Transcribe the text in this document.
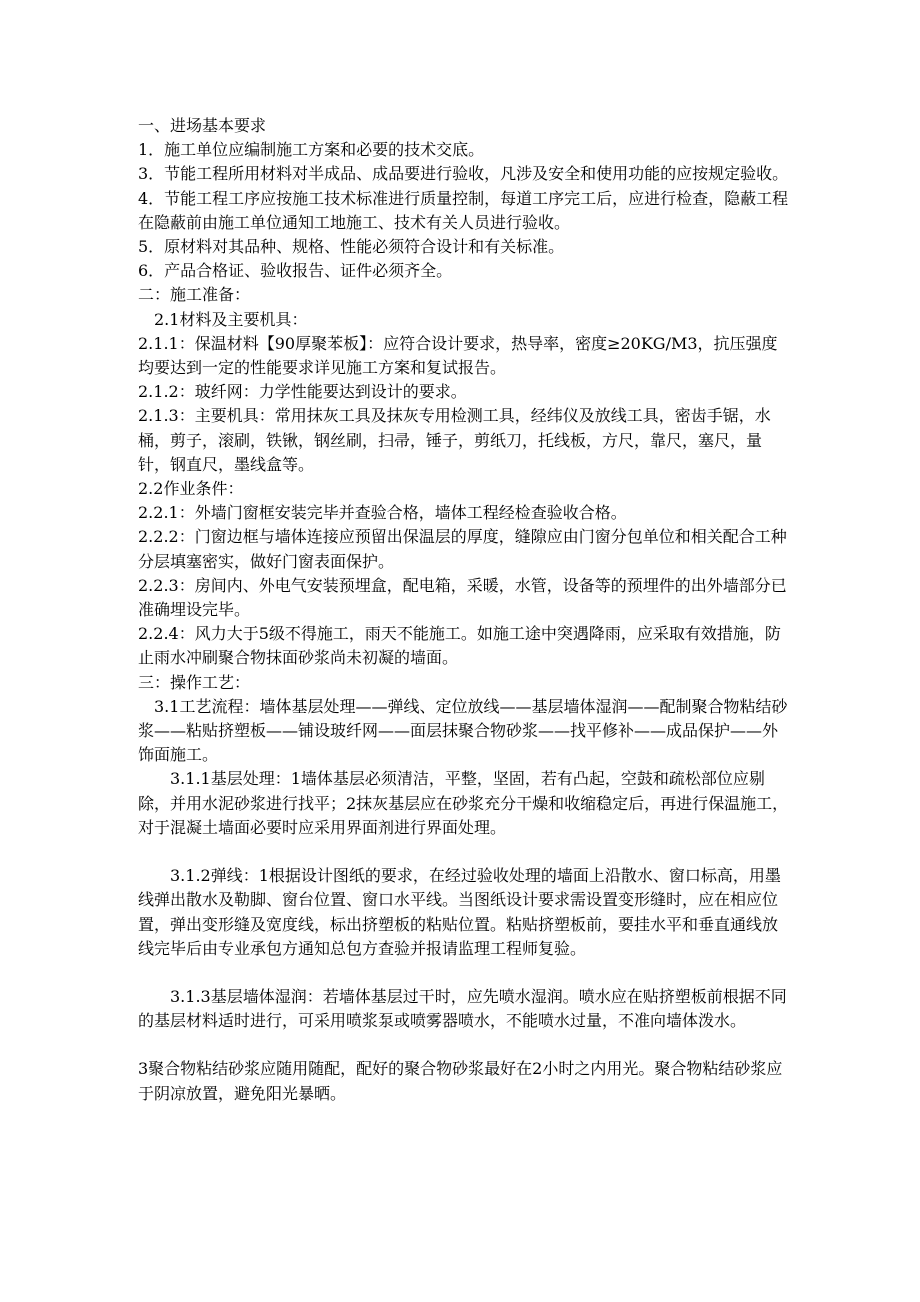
一、进场基本要求

1．施工单位应编制施工方案和必要的技术交底。

3．节能工程所用材料对半成品、成品要进行验收，凡涉及安全和使用功能的应按规定验收。

4．节能工程工序应按施工技术标准进行质量控制，每道工序完工后，应进行检查，隐蔽工程在隐蔽前由施工单位通知工地施工、技术有关人员进行验收。

5．原材料对其品种、规格、性能必须符合设计和有关标准。

6．产品合格证、验收报告、证件必须齐全。

二：施工准备：

2.1材料及主要机具：

2.1.1：保温材料【90厚聚苯板】：应符合设计要求，热导率，密度≥20KG/M3，抗压强度均要达到一定的性能要求详见施工方案和复试报告。

2.1.2：玻纤网：力学性能要达到设计的要求。

2.1.3：主要机具：常用抹灰工具及抹灰专用检测工具，经纬仪及放线工具，密齿手锯，水桶，剪子，滚刷，铁锹，钢丝刷，扫帚，锤子，剪纸刀，托线板，方尺，靠尺，塞尺，量针，钢直尺，墨线盒等。

2.2作业条件：

2.2.1：外墙门窗框安装完毕并查验合格，墙体工程经检查验收合格。

2.2.2：门窗边框与墙体连接应预留出保温层的厚度，缝隙应由门窗分包单位和相关配合工种分层填塞密实，做好门窗表面保护。

2.2.3：房间内、外电气安装预埋盒，配电箱，采暖，水管，设备等的预埋件的出外墙部分已准确埋设完毕。

2.2.4：风力大于5级不得施工，雨天不能施工。如施工途中突遇降雨，应采取有效措施，防止雨水冲刷聚合物抹面砂浆尚未初凝的墙面。

三：操作工艺：

3.1工艺流程：墙体基层处理——弹线、定位放线——基层墙体湿润——配制聚合物粘结砂浆——粘贴挤塑板——铺设玻纤网——面层抹聚合物砂浆——找平修补——成品保护——外饰面施工。

3.1.1基层处理：1墙体基层必须清洁，平整，坚固，若有凸起，空鼓和疏松部位应剔除，并用水泥砂浆进行找平；2抹灰基层应在砂浆充分干燥和收缩稳定后，再进行保温施工，对于混凝土墙面必要时应采用界面剂进行界面处理。

3.1.2弹线：1根据设计图纸的要求，在经过验收处理的墙面上沿散水、窗口标高，用墨线弹出散水及勒脚、窗台位置、窗口水平线。当图纸设计要求需设置变形缝时，应在相应位置，弹出变形缝及宽度线，标出挤塑板的粘贴位置。粘贴挤塑板前，要挂水平和垂直通线放线完毕后由专业承包方通知总包方查验并报请监理工程师复验。

3.1.3基层墙体湿润：若墙体基层过干时，应先喷水湿润。喷水应在贴挤塑板前根据不同的基层材料适时进行，可采用喷浆泵或喷雾器喷水，不能喷水过量，不准向墙体泼水。

3聚合物粘结砂浆应随用随配，配好的聚合物砂浆最好在2小时之内用光。聚合物粘结砂浆应于阴凉放置，避免阳光暴晒。
